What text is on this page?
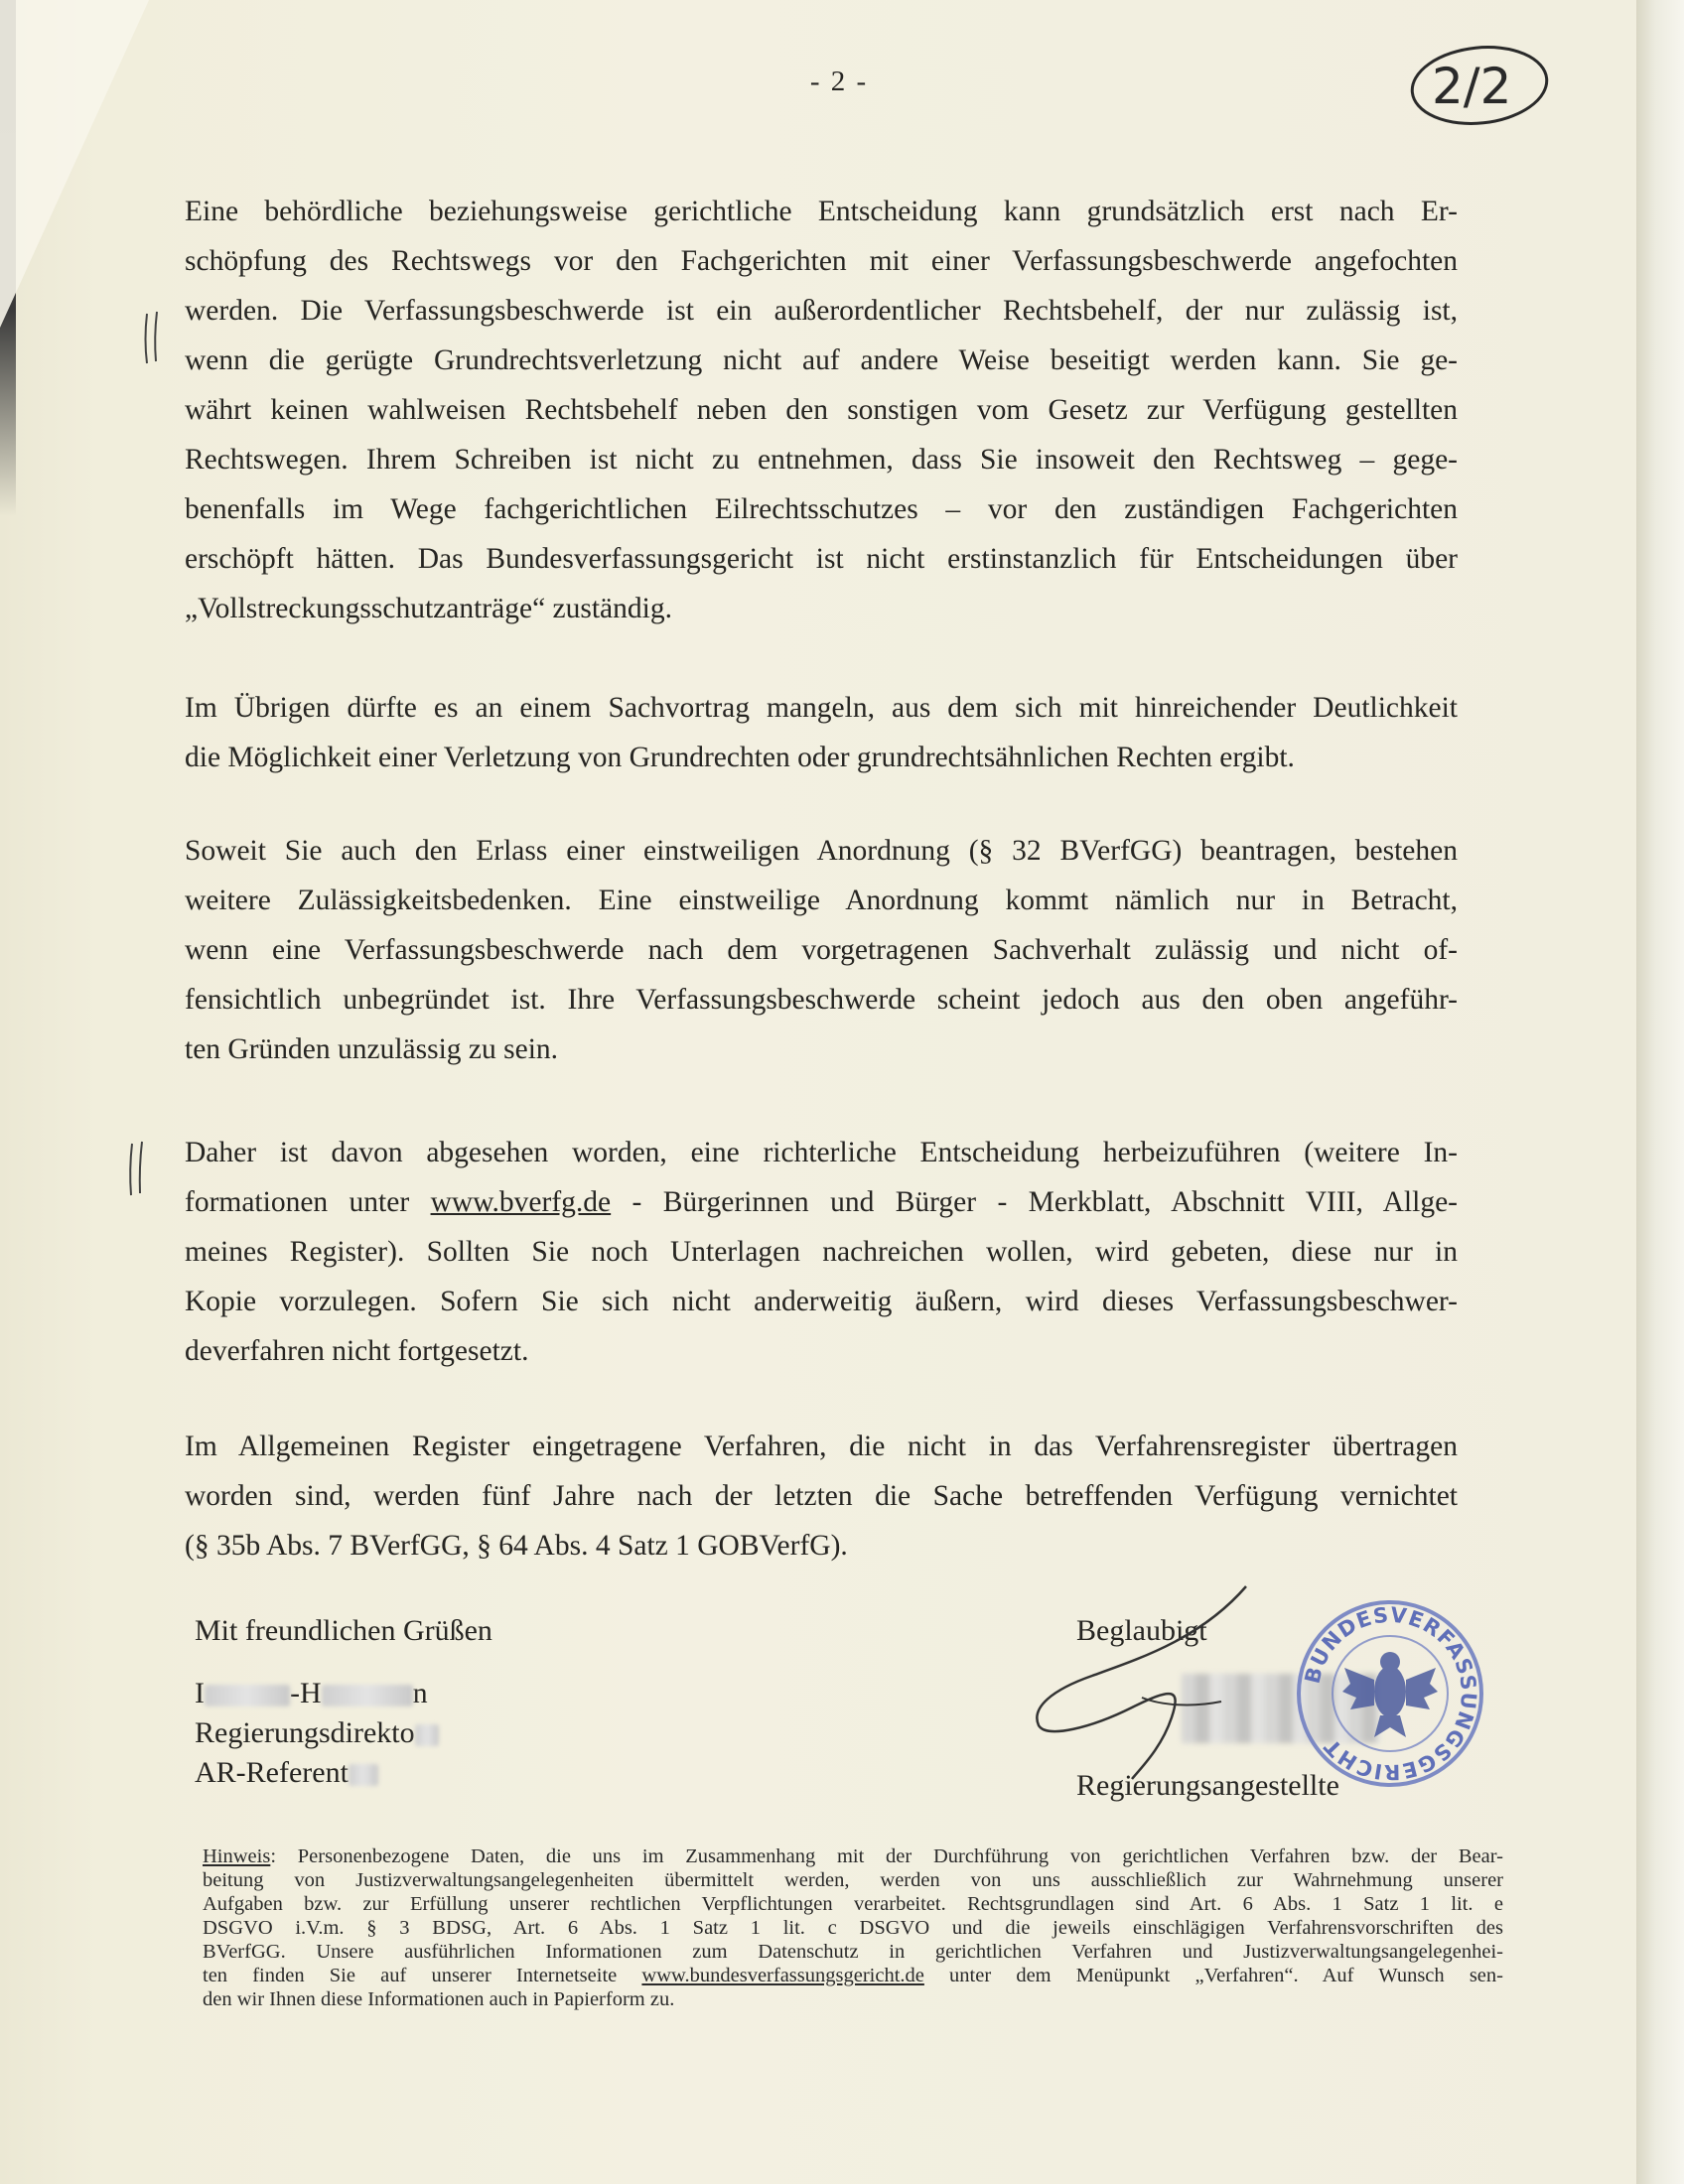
- 2 -	2/2
Eine behördliche beziehungsweise gerichtliche Entscheidung kann grundsätzlich erst nach Er-
schöpfung des Rechtswegs vor den Fachgerichten mit einer Verfassungsbeschwerde angefochten
werden. Die Verfassungsbeschwerde ist ein außerordentlicher Rechtsbehelf, der nur zulässig ist,
wenn die gerügte Grundrechtsverletzung nicht auf andere Weise beseitigt werden kann. Sie ge-
währt keinen wahlweisen Rechtsbehelf neben den sonstigen vom Gesetz zur Verfügung gestellten
Rechtswegen. Ihrem Schreiben ist nicht zu entnehmen, dass Sie insoweit den Rechtsweg – gege-
benenfalls im Wege fachgerichtlichen Eilrechtsschutzes – vor den zuständigen Fachgerichten
erschöpft hätten. Das Bundesverfassungsgericht ist nicht erstinstanzlich für Entscheidungen über
„Vollstreckungsschutzanträge“ zuständig.
Im Übrigen dürfte es an einem Sachvortrag mangeln, aus dem sich mit hinreichender Deutlichkeit
die Möglichkeit einer Verletzung von Grundrechten oder grundrechtsähnlichen Rechten ergibt.
Soweit Sie auch den Erlass einer einstweiligen Anordnung (§ 32 BVerfGG) beantragen, bestehen
weitere Zulässigkeitsbedenken. Eine einstweilige Anordnung kommt nämlich nur in Betracht,
wenn eine Verfassungsbeschwerde nach dem vorgetragenen Sachverhalt zulässig und nicht of-
fensichtlich unbegründet ist. Ihre Verfassungsbeschwerde scheint jedoch aus den oben angeführ-
ten Gründen unzulässig zu sein.
Daher ist davon abgesehen worden, eine richterliche Entscheidung herbeizuführen (weitere In-
formationen unter www.bverfg.de - Bürgerinnen und Bürger - Merkblatt, Abschnitt VIII, Allge-
meines Register). Sollten Sie noch Unterlagen nachreichen wollen, wird gebeten, diese nur in
Kopie vorzulegen. Sofern Sie sich nicht anderweitig äußern, wird dieses Verfassungsbeschwer-
deverfahren nicht fortgesetzt.
Im Allgemeinen Register eingetragene Verfahren, die nicht in das Verfahrensregister übertragen
worden sind, werden fünf Jahre nach der letzten die Sache betreffenden Verfügung vernichtet
(§ 35b Abs. 7 BVerfGG, § 64 Abs. 4 Satz 1 GOBVerfG).
Mit freundlichen Grüßen
I	-H	n
Regierungsdirekto
AR-Referent
Beglaubigt
BUNDESVERFASSUNGSGERICHT
Regierungsangestellte
Hinweis: Personenbezogene Daten, die uns im Zusammenhang mit der Durchführung von gerichtlichen Verfahren bzw. der Bear-
beitung von Justizverwaltungsangelegenheiten übermittelt werden, werden von uns ausschließlich zur Wahrnehmung unserer
Aufgaben bzw. zur Erfüllung unserer rechtlichen Verpflichtungen verarbeitet. Rechtsgrundlagen sind Art. 6 Abs. 1 Satz 1 lit. e
DSGVO i.V.m. § 3 BDSG, Art. 6 Abs. 1 Satz 1 lit. c DSGVO und die jeweils einschlägigen Verfahrensvorschriften des
BVerfGG. Unsere ausführlichen Informationen zum Datenschutz in gerichtlichen Verfahren und Justizverwaltungsangelegenhei-
ten finden Sie auf unserer Internetseite www.bundesverfassungsgericht.de unter dem Menüpunkt „Verfahren“. Auf Wunsch sen-
den wir Ihnen diese Informationen auch in Papierform zu.
